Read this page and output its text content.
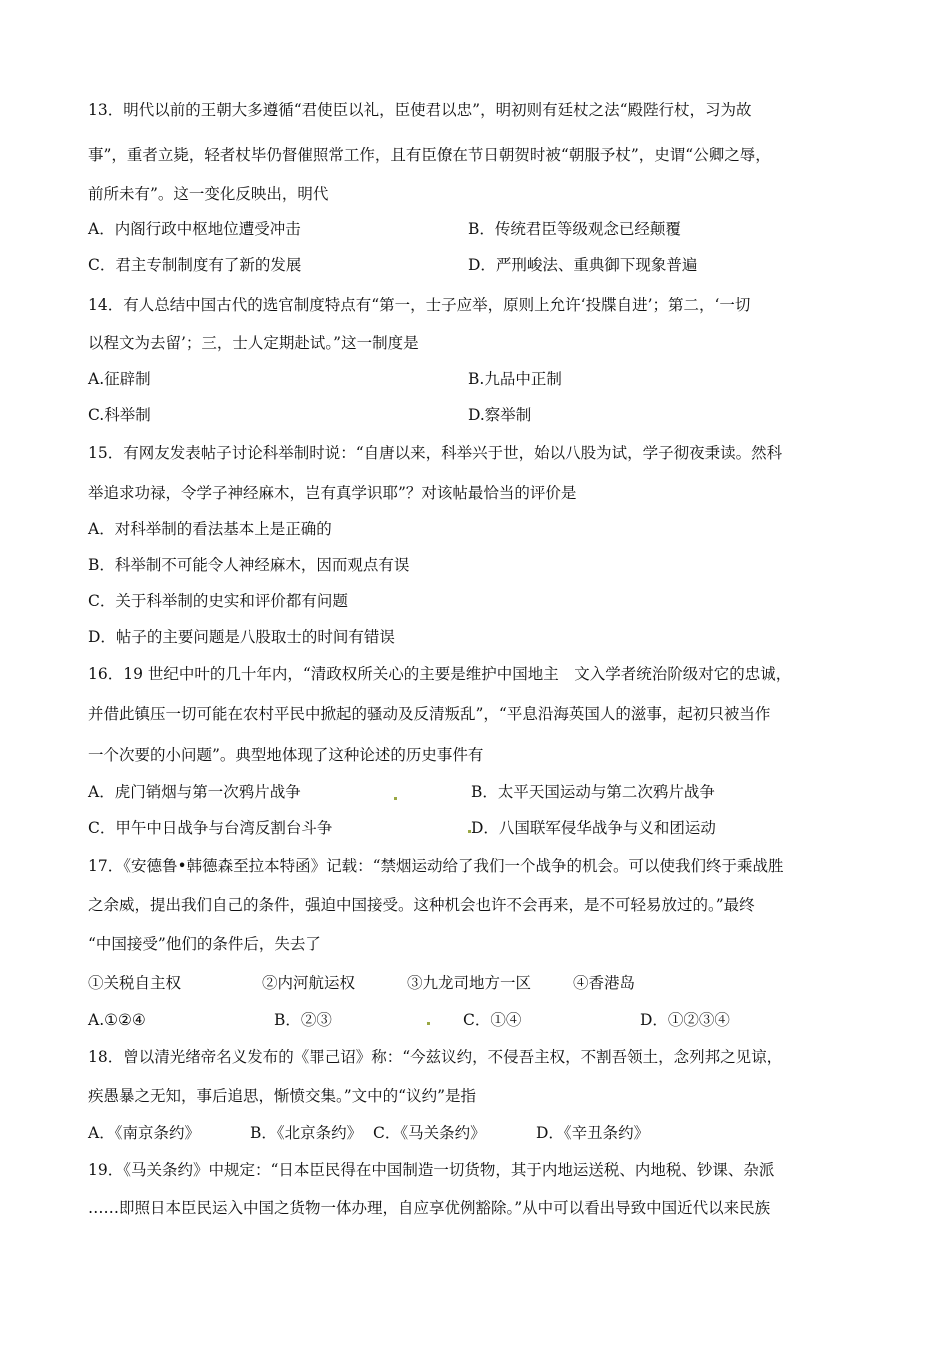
13．明代以前的王朝大多遵循“君使臣以礼，臣使君以忠”，明初则有廷杖之法“殿陛行杖，习为故
事”，重者立毙，轻者杖毕仍督催照常工作，且有臣僚在节日朝贺时被“朝服予杖”，史谓“公卿之辱，
前所未有”。这一变化反映出，明代
A．内阁行政中枢地位遭受冲击	B．传统君臣等级观念已经颠覆
C．君主专制制度有了新的发展	D．严刑峻法、重典御下现象普遍
14．有人总结中国古代的选官制度特点有“第一，士子应举，原则上允许‘投牒自进’；第二，‘一切
以程文为去留’；三，士人定期赴试。”这一制度是
A.征辟制	B.九品中正制
C.科举制	D.察举制
15．有网友发表帖子讨论科举制时说：“自唐以来，科举兴于世，始以八股为试，学子彻夜秉读。然科
举追求功禄，令学子神经麻木，岂有真学识耶”？对该帖最恰当的评价是
A．对科举制的看法基本上是正确的
B．科举制不可能令人神经麻木，因而观点有误
C．关于科举制的史实和评价都有问题
D．帖子的主要问题是八股取士的时间有错误
16．19 世纪中叶的几十年内，“清政权所关心的主要是维护中国地主　文入学者统治阶级对它的忠诚，
并借此镇压一切可能在农村平民中掀起的骚动及反清叛乱”，“平息沿海英国人的滋事，起初只被当作
一个次要的小问题”。典型地体现了这种论述的历史事件有
A．虎门销烟与第一次鸦片战争	B．太平天国运动与第二次鸦片战争
C．甲午中日战争与台湾反割台斗争	D．八国联军侵华战争与义和团运动
17．《安德鲁•韩德森至拉本特函》记载：“禁烟运动给了我们一个战争的机会。可以使我们终于乘战胜
之余威，提出我们自己的条件，强迫中国接受。这种机会也许不会再来，是不可轻易放过的。”最终
“中国接受”他们的条件后，失去了
①关税自主权	②内河航运权	③九龙司地方一区	④香港岛
A.①②④	B．②③	C．①④	D．①②③④
18．曾以清光绪帝名义发布的《罪己诏》称：“今兹议约，不侵吾主权，不割吾领土，念列邦之见谅，
疾愚暴之无知，事后追思，惭愤交集。”文中的“议约”是指
A．《南京条约》	B．《北京条约》 C．《马关条约》	D．《辛丑条约》
19．《马关条约》中规定：“日本臣民得在中国制造一切货物，其于内地运送税、内地税、钞课、杂派
……即照日本臣民运入中国之货物一体办理，自应享优例豁除。”从中可以看出导致中国近代以来民族
